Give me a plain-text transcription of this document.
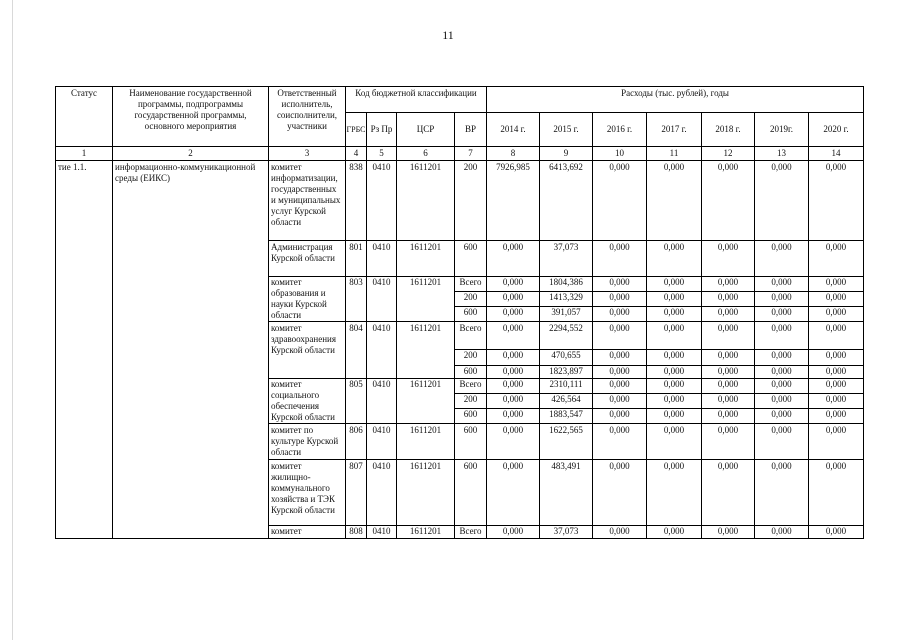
11
Статус	Наименование государственной программы, подпрограммы государственной программы, основного мероприятия	Ответственный исполнитель, соисполнители, участники	Код бюджетной классификации				Расходы (тыс. рублей), годы						
			ГРБС	Рз Пр	ЦСР	ВР	2014 г.	2015 г.	2016 г.	2017 г.	2018 г.	2019г.	2020 г.
1	2	3	4	5	6	7	8	9	10	11	12	13	14
тие 1.1.	информационно-коммуникационной среды (ЕИКС)	комитет информатизации, государственных и муниципальных услуг Курской области	838	0410	1611201	200	7926,985	6413,692	0,000	0,000	0,000	0,000	0,000
		Администрация Курской области	801	0410	1611201	600	0,000	37,073	0,000	0,000	0,000	0,000	0,000
		комитет образования и науки Курской области	803	0410	1611201	Всего	0,000	1804,386	0,000	0,000	0,000	0,000	0,000
						200	0,000	1413,329	0,000	0,000	0,000	0,000	0,000
						600	0,000	391,057	0,000	0,000	0,000	0,000	0,000
		комитет здравоохранения Курской области	804	0410	1611201	Всего	0,000	2294,552	0,000	0,000	0,000	0,000	0,000
						200	0,000	470,655	0,000	0,000	0,000	0,000	0,000
						600	0,000	1823,897	0,000	0,000	0,000	0,000	0,000
		комитет социального обеспечения Курской области	805	0410	1611201	Всего	0,000	2310,111	0,000	0,000	0,000	0,000	0,000
						200	0,000	426,564	0,000	0,000	0,000	0,000	0,000
						600	0,000	1883,547	0,000	0,000	0,000	0,000	0,000
		комитет по культуре Курской области	806	0410	1611201	600	0,000	1622,565	0,000	0,000	0,000	0,000	0,000
		комитет жилищно-коммунального хозяйства и ТЭК Курской области	807	0410	1611201	600	0,000	483,491	0,000	0,000	0,000	0,000	0,000
		комитет	808	0410	1611201	Всего	0,000	37,073	0,000	0,000	0,000	0,000	0,000
